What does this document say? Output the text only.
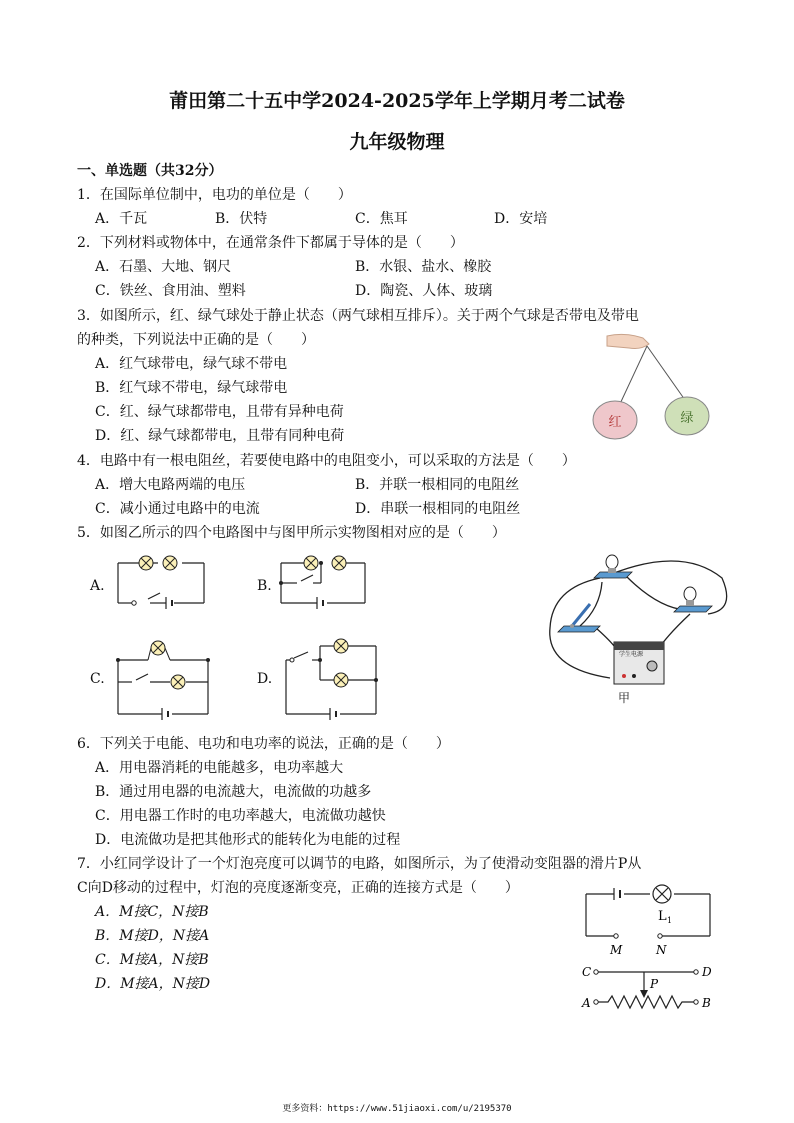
莆田第二十五中学2024-2025学年上学期月考二试卷
九年级物理
一、单选题（共32分）
1．在国际单位制中，电功的单位是（　　）
A．千瓦	B．伏特	C．焦耳	D．安培
2．下列材料或物体中，在通常条件下都属于导体的是（　　）
A．石墨、大地、钢尺	B．水银、盐水、橡胶
C．铁丝、食用油、塑料	D．陶瓷、人体、玻璃
3．如图所示，红、绿气球处于静止状态（两气球相互排斥）。关于两个气球是否带电及带电
的种类，下列说法中正确的是（　　）
A．红气球带电，绿气球不带电
B．红气球不带电，绿气球带电
C．红、绿气球都带电，且带有异种电荷
D．红、绿气球都带电，且带有同种电荷
红	绿
4．电路中有一根电阻丝，若要使电路中的电阻变小，可以采取的方法是（　　）
A．增大电路两端的电压	B．并联一根相同的电阻丝
C．减小通过电路中的电流	D．串联一根相同的电阻丝
5．如图乙所示的四个电路图中与图甲所示实物图相对应的是（　　）
A.	B.
C.	D.
学生电源
甲
6．下列关于电能、电功和电功率的说法，正确的是（　　）
A．用电器消耗的电能越多，电功率越大
B．通过用电器的电流越大，电流做的功越多
C．用电器工作时的电功率越大，电流做功越快
D．电流做功是把其他形式的能转化为电能的过程
7．小红同学设计了一个灯泡亮度可以调节的电路，如图所示，为了使滑动变阻器的滑片P从
C向D移动的过程中，灯泡的亮度逐渐变亮，正确的连接方式是（　　）
A．M接C，N接B
B．M接D，N接A
C．M接A，N接B
D．M接A，N接D
L 1
M	N
C	D
P
A	B
更多资料：https://www.51jiaoxi.com/u/2195370
